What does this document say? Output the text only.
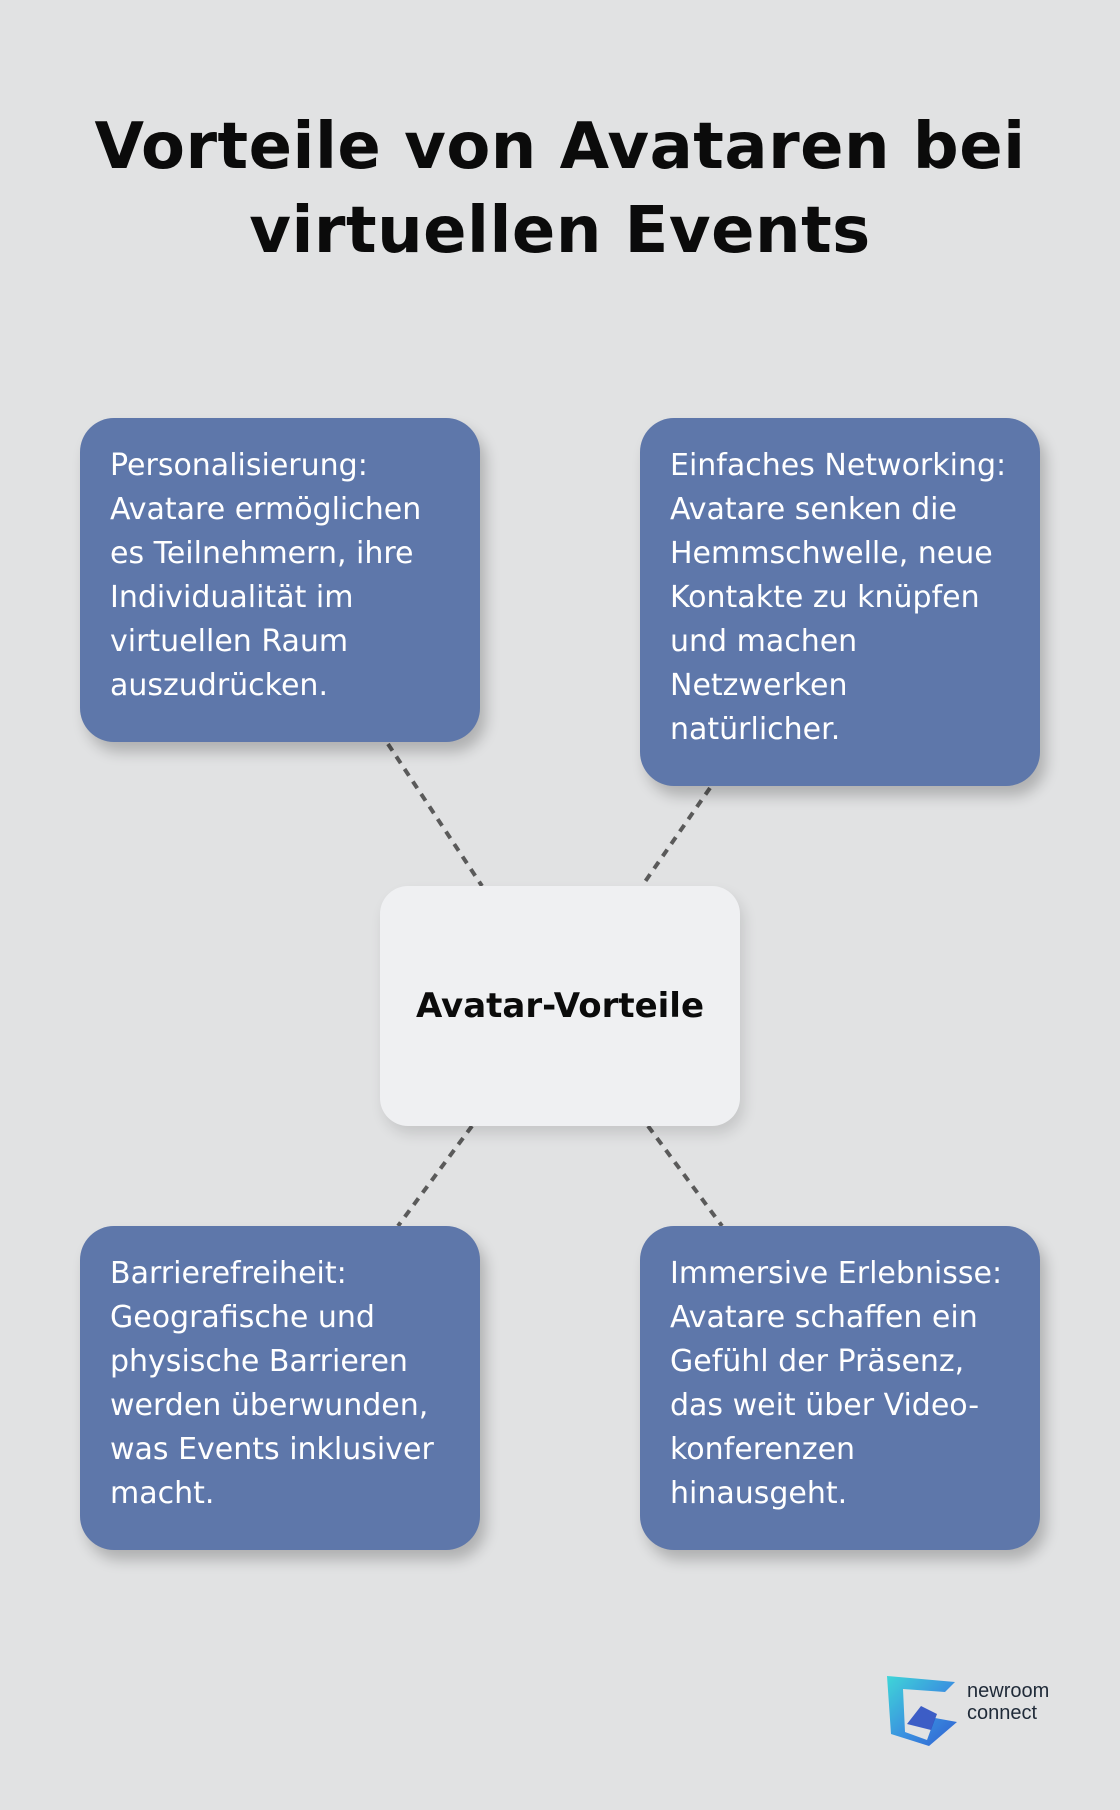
Vorteile von Avataren bei virtuellen Events

Personalisierung: Avatare ermöglichen es Teilnehmern, ihre Individualität im virtuellen Raum auszudrücken.

Einfaches Networking: Avatare senken die Hemmschwelle, neue Kontakte zu knüpfen und machen Netzwerken natürlicher.

Avatar-Vorteile

Barrierefreiheit: Geografische und physische Barrieren werden überwunden, was Events inklusiver macht.

Immersive Erlebnisse: Avatare schaffen ein Gefühl der Präsenz, das weit über Video-konferenzen hinausgeht.

newroom
connect
